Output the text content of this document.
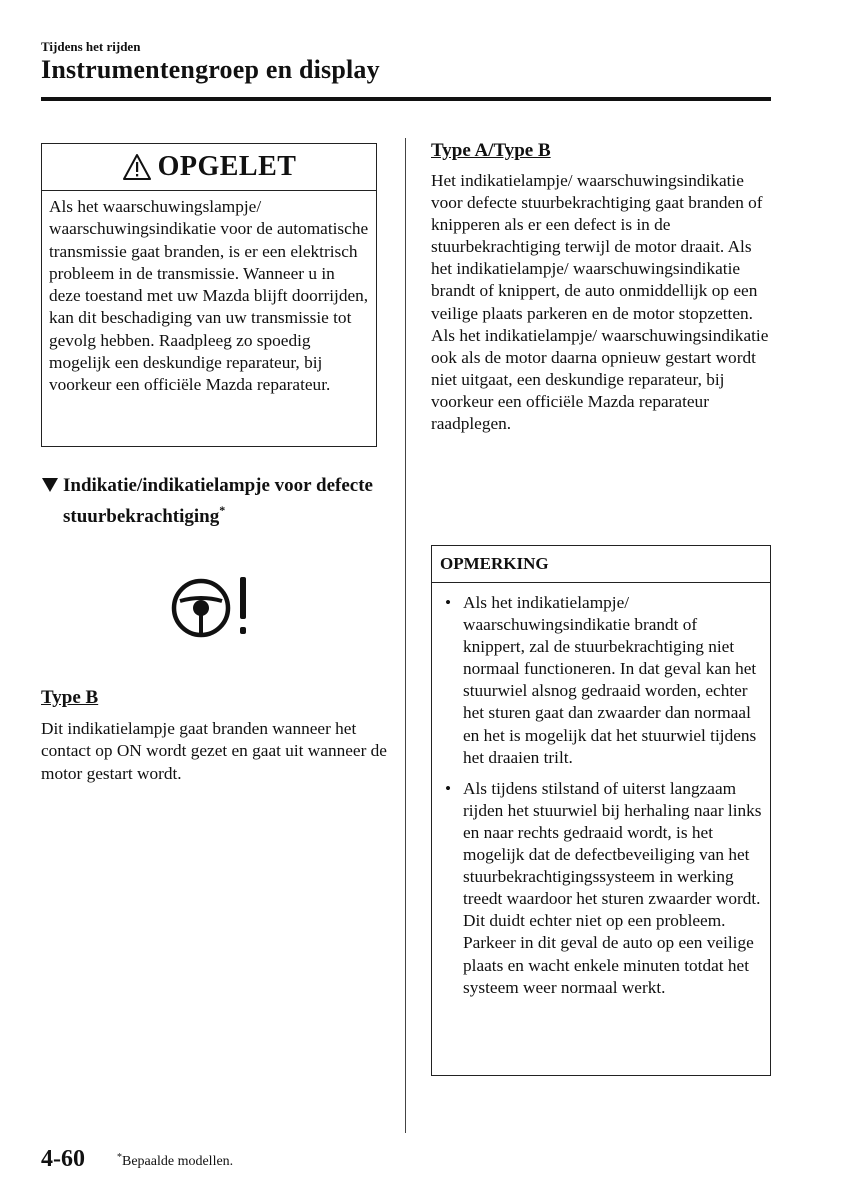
Tijdens het rijden
Instrumentengroep en display
OPGELET
Als het waarschuwingslampje/ waarschuwingsindikatie voor de automatische transmissie gaat branden, is er een elektrisch probleem in de transmissie. Wanneer u in deze toestand met uw Mazda blijft doorrijden, kan dit beschadiging van uw transmissie tot gevolg hebben. Raadpleeg zo spoedig mogelijk een deskundige reparateur, bij voorkeur een officiële Mazda reparateur.
Indikatie/indikatielampje voor defecte stuurbekrachtiging*
Type B
Dit indikatielampje gaat branden wanneer het contact op ON wordt gezet en gaat uit wanneer de motor gestart wordt.
Type A/Type B
Het indikatielampje/ waarschuwingsindikatie voor defecte stuurbekrachtiging gaat branden of knipperen als er een defect is in de stuurbekrachtiging terwijl de motor draait. Als het indikatielampje/ waarschuwingsindikatie brandt of knippert, de auto onmiddellijk op een veilige plaats parkeren en de motor stopzetten. Als het indikatielampje/ waarschuwingsindikatie ook als de motor daarna opnieuw gestart wordt niet uitgaat, een deskundige reparateur, bij voorkeur een officiële Mazda reparateur raadplegen.
OPMERKING
• Als het indikatielampje/ waarschuwingsindikatie brandt of knippert, zal de stuurbekrachtiging niet normaal functioneren. In dat geval kan het stuurwiel alsnog gedraaid worden, echter het sturen gaat dan zwaarder dan normaal en het is mogelijk dat het stuurwiel tijdens het draaien trilt.
• Als tijdens stilstand of uiterst langzaam rijden het stuurwiel bij herhaling naar links en naar rechts gedraaid wordt, is het mogelijk dat de defectbeveiliging van het stuurbekrachtigingssysteem in werking treedt waardoor het sturen zwaarder wordt. Dit duidt echter niet op een probleem. Parkeer in dit geval de auto op een veilige plaats en wacht enkele minuten totdat het systeem weer normaal werkt.
4-60	*Bepaalde modellen.
